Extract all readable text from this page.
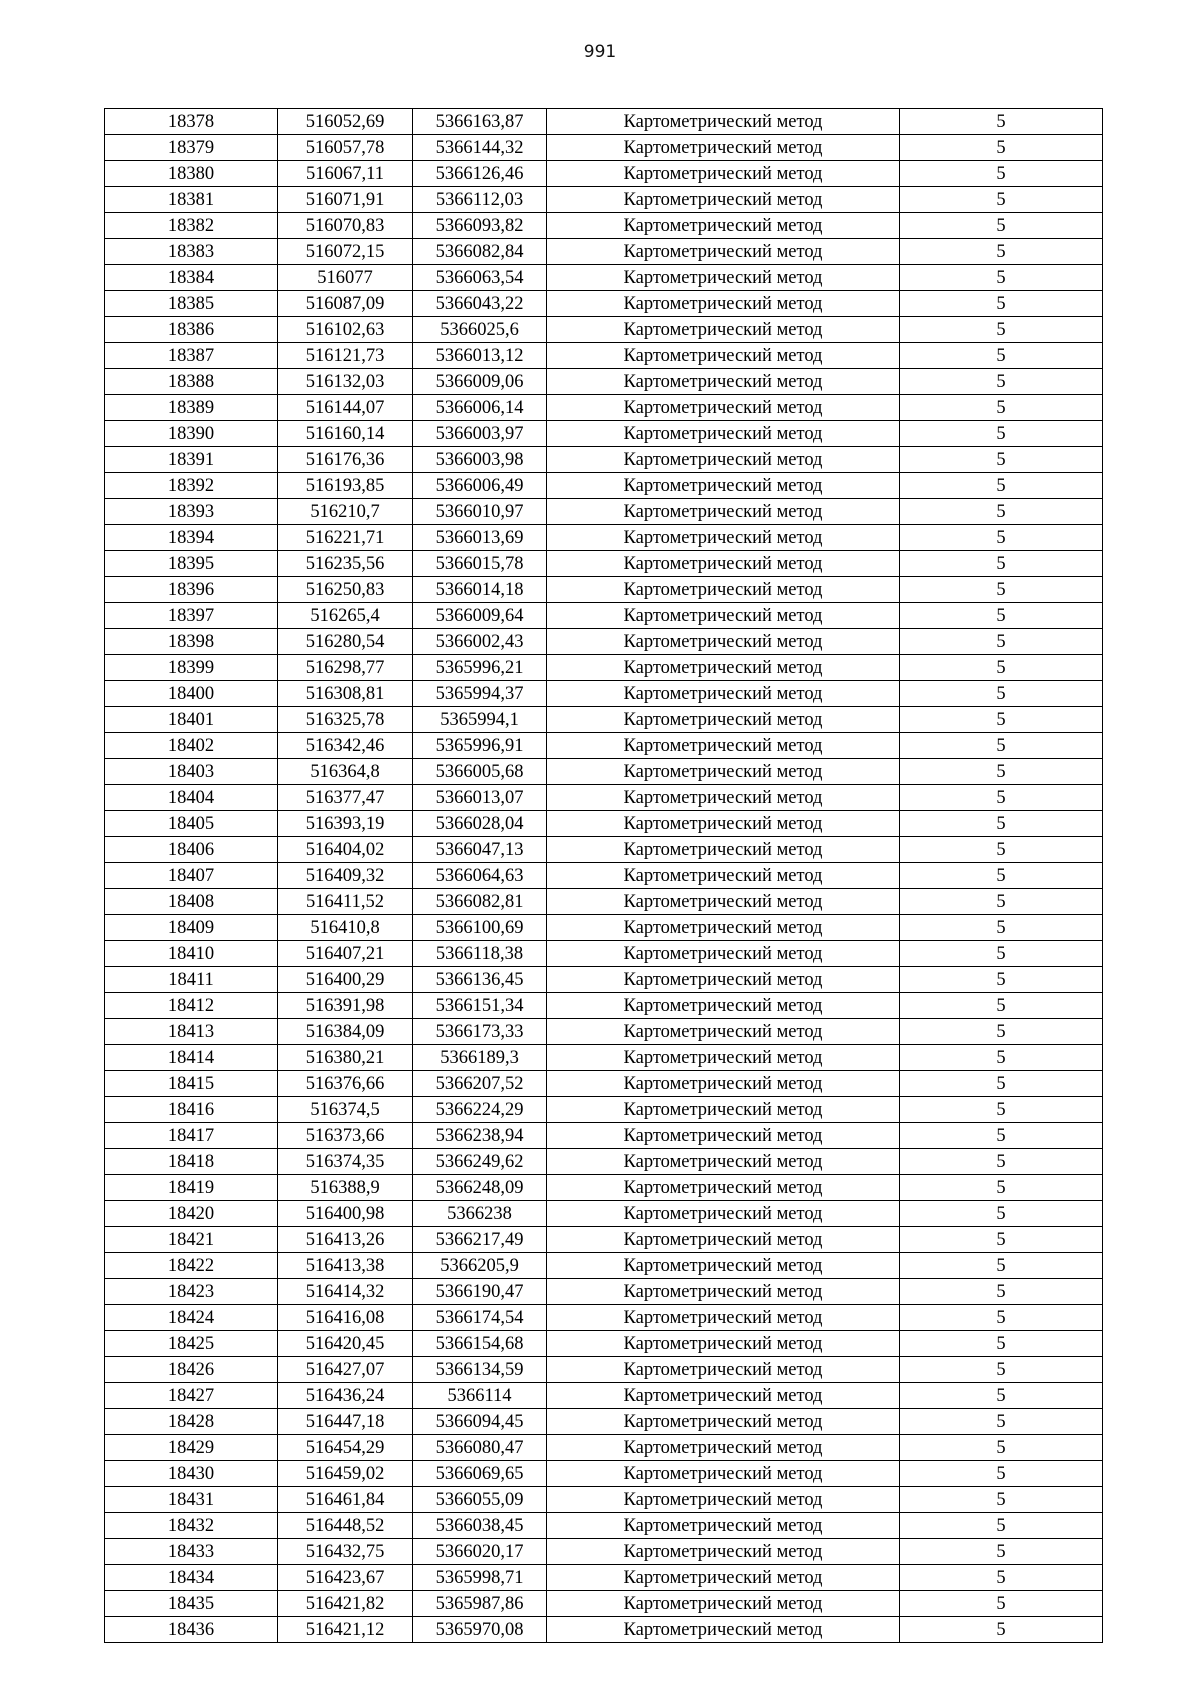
991
18378	516052,69	5366163,87	Картометрический метод	5
18379	516057,78	5366144,32	Картометрический метод	5
18380	516067,11	5366126,46	Картометрический метод	5
18381	516071,91	5366112,03	Картометрический метод	5
18382	516070,83	5366093,82	Картометрический метод	5
18383	516072,15	5366082,84	Картометрический метод	5
18384	516077	5366063,54	Картометрический метод	5
18385	516087,09	5366043,22	Картометрический метод	5
18386	516102,63	5366025,6	Картометрический метод	5
18387	516121,73	5366013,12	Картометрический метод	5
18388	516132,03	5366009,06	Картометрический метод	5
18389	516144,07	5366006,14	Картометрический метод	5
18390	516160,14	5366003,97	Картометрический метод	5
18391	516176,36	5366003,98	Картометрический метод	5
18392	516193,85	5366006,49	Картометрический метод	5
18393	516210,7	5366010,97	Картометрический метод	5
18394	516221,71	5366013,69	Картометрический метод	5
18395	516235,56	5366015,78	Картометрический метод	5
18396	516250,83	5366014,18	Картометрический метод	5
18397	516265,4	5366009,64	Картометрический метод	5
18398	516280,54	5366002,43	Картометрический метод	5
18399	516298,77	5365996,21	Картометрический метод	5
18400	516308,81	5365994,37	Картометрический метод	5
18401	516325,78	5365994,1	Картометрический метод	5
18402	516342,46	5365996,91	Картометрический метод	5
18403	516364,8	5366005,68	Картометрический метод	5
18404	516377,47	5366013,07	Картометрический метод	5
18405	516393,19	5366028,04	Картометрический метод	5
18406	516404,02	5366047,13	Картометрический метод	5
18407	516409,32	5366064,63	Картометрический метод	5
18408	516411,52	5366082,81	Картометрический метод	5
18409	516410,8	5366100,69	Картометрический метод	5
18410	516407,21	5366118,38	Картометрический метод	5
18411	516400,29	5366136,45	Картометрический метод	5
18412	516391,98	5366151,34	Картометрический метод	5
18413	516384,09	5366173,33	Картометрический метод	5
18414	516380,21	5366189,3	Картометрический метод	5
18415	516376,66	5366207,52	Картометрический метод	5
18416	516374,5	5366224,29	Картометрический метод	5
18417	516373,66	5366238,94	Картометрический метод	5
18418	516374,35	5366249,62	Картометрический метод	5
18419	516388,9	5366248,09	Картометрический метод	5
18420	516400,98	5366238	Картометрический метод	5
18421	516413,26	5366217,49	Картометрический метод	5
18422	516413,38	5366205,9	Картометрический метод	5
18423	516414,32	5366190,47	Картометрический метод	5
18424	516416,08	5366174,54	Картометрический метод	5
18425	516420,45	5366154,68	Картометрический метод	5
18426	516427,07	5366134,59	Картометрический метод	5
18427	516436,24	5366114	Картометрический метод	5
18428	516447,18	5366094,45	Картометрический метод	5
18429	516454,29	5366080,47	Картометрический метод	5
18430	516459,02	5366069,65	Картометрический метод	5
18431	516461,84	5366055,09	Картометрический метод	5
18432	516448,52	5366038,45	Картометрический метод	5
18433	516432,75	5366020,17	Картометрический метод	5
18434	516423,67	5365998,71	Картометрический метод	5
18435	516421,82	5365987,86	Картометрический метод	5
18436	516421,12	5365970,08	Картометрический метод	5
